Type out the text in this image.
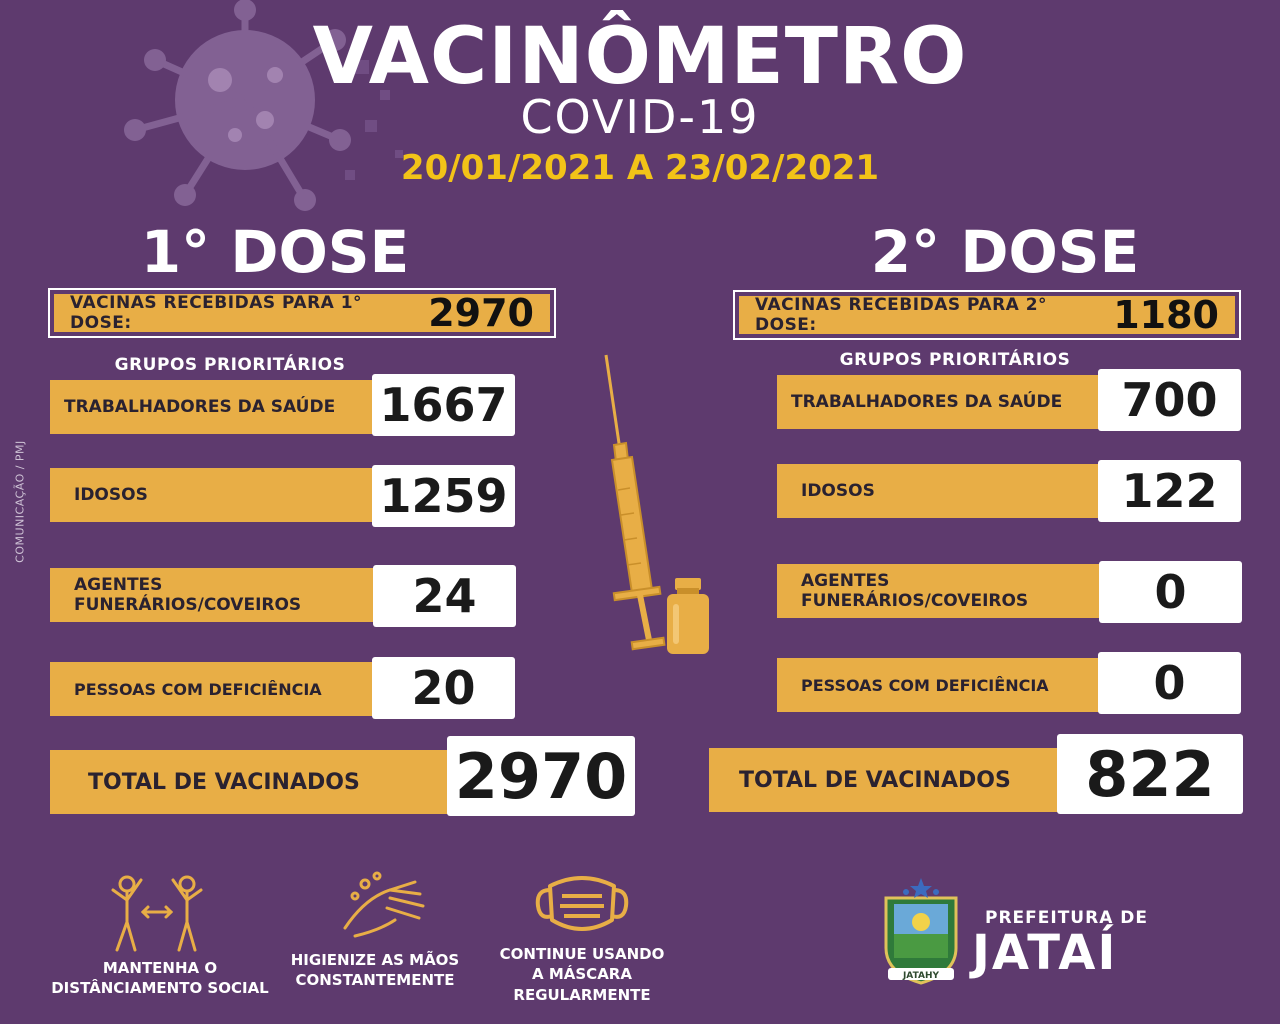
VACINÔMETRO
COVID-19
20/01/2021 A 23/02/2021
COMUNICAÇÃO / PMJ
1° DOSE
VACINAS RECEBIDAS PARA 1° DOSE:	2970
GRUPOS PRIORITÁRIOS
TRABALHADORES DA SAÚDE 1667
IDOSOS	1259
AGENTES FUNERÁRIOS/COVEIROS	24
PESSOAS COM DEFICIÊNCIA	20
TOTAL DE VACINADOS 2970
2° DOSE
VACINAS RECEBIDAS PARA 2° DOSE:	1180
GRUPOS PRIORITÁRIOS
TRABALHADORES DA SAÚDE	700
IDOSOS	122
AGENTES FUNERÁRIOS/COVEIROS	0
PESSOAS COM DEFICIÊNCIA	0
TOTAL DE VACINADOS	822
MANTENHA O
DISTÂNCIAMENTO SOCIAL
HIGIENIZE AS MÃOS
CONSTANTEMENTE
CONTINUE USANDO
A MÁSCARA
REGULARMENTE
JATAHY
PREFEITURA DE
JATAÍ
